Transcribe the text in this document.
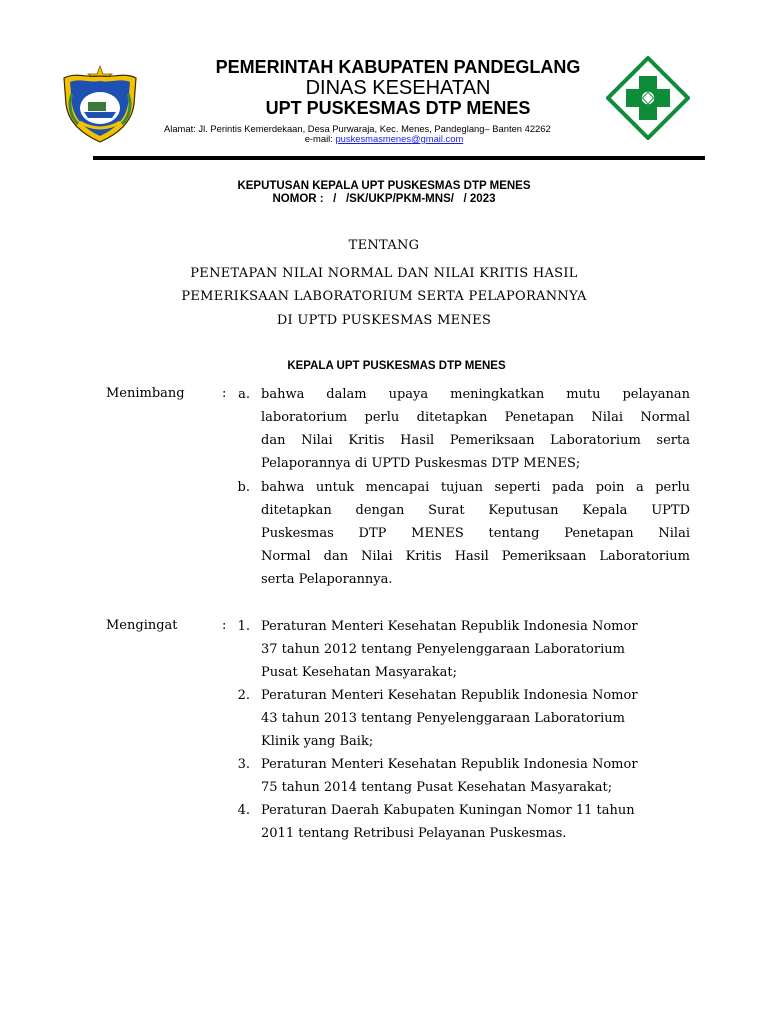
PEMERINTAH KABUPATEN PANDEGLANG
DINAS KESEHATAN
UPT PUSKESMAS DTP MENES
Alamat: Jl. Perintis Kemerdekaan, Desa Purwaraja, Kec. Menes, Pandeglang– Banten 42262
e-mail: puskesmasmenes@gmail.com
KEPUTUSAN KEPALA UPT PUSKESMAS DTP MENES
NOMOR :   /   /SK/UKP/PKM-MNS/   / 2023
TENTANG
PENETAPAN NILAI NORMAL DAN NILAI KRITIS HASIL
PEMERIKSAAN LABORATORIUM SERTA PELAPORANNYA
DI UPTD PUSKESMAS MENES
KEPALA UPT PUSKESMAS DTP MENES
Menimbang	: a. bahwa dalam upaya meningkatkan mutu pelayanan

laboratorium perlu ditetapkan Penetapan Nilai Normal

dan Nilai Kritis Hasil Pemeriksaan Laboratorium serta

Pelaporannya di UPTD Puskesmas DTP MENES;

b. bahwa untuk mencapai tujuan seperti pada poin a perlu

ditetapkan dengan Surat Keputusan Kepala UPTD

Puskesmas DTP MENES tentang Penetapan Nilai

Normal dan Nilai Kritis Hasil Pemeriksaan Laboratorium

serta Pelaporannya.

Mengingat	: 1. Peraturan Menteri Kesehatan Republik Indonesia Nomor

37 tahun 2012 tentang Penyelenggaraan Laboratorium

Pusat Kesehatan Masyarakat;

2. Peraturan Menteri Kesehatan Republik Indonesia Nomor

43 tahun 2013 tentang Penyelenggaraan Laboratorium

Klinik yang Baik;

3. Peraturan Menteri Kesehatan Republik Indonesia Nomor

75 tahun 2014 tentang Pusat Kesehatan Masyarakat;

4. Peraturan Daerah Kabupaten Kuningan Nomor 11 tahun

2011 tentang Retribusi Pelayanan Puskesmas.
